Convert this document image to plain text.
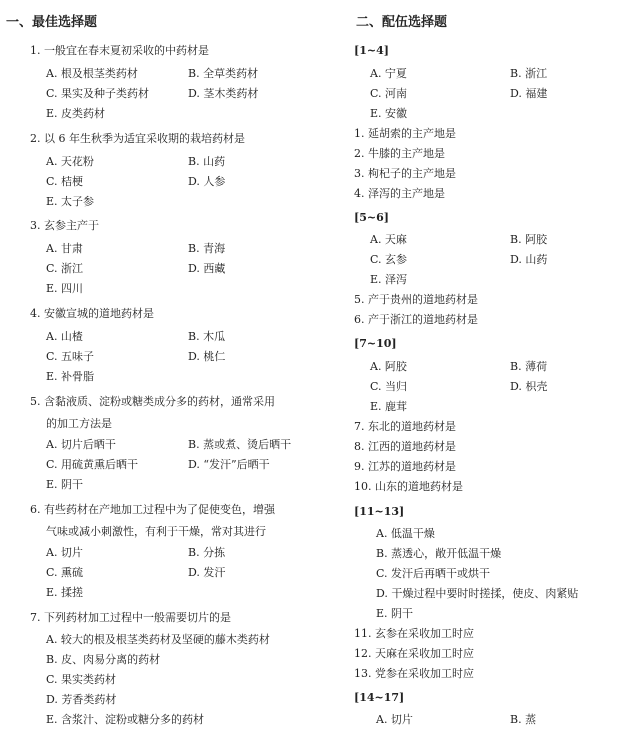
一、最佳选择题
1. 一般宜在春末夏初采收的中药材是
A. 根及根茎类药材	B. 全草类药材
C. 果实及种子类药材	D. 茎木类药材
E. 皮类药材
2. 以 6 年生秋季为适宜采收期的栽培药材是
A. 天花粉	B. 山药
C. 桔梗	D. 人参
E. 太子参
3. 玄参主产于
A. 甘肃	B. 青海
C. 浙江	D. 西藏
E. 四川
4. 安徽宣城的道地药材是
A. 山楂	B. 木瓜
C. 五味子	D. 桃仁
E. 补骨脂
5. 含黏液质、淀粉或糖类成分多的药材，通常采用
的加工方法是
A. 切片后晒干	B. 蒸或煮、烫后晒干
C. 用硫黄熏后晒干	D. “发汗”后晒干
E. 阴干
6. 有些药材在产地加工过程中为了促使变色，增强
气味或减小刺激性，有利于干燥，常对其进行
A. 切片	B. 分拣
C. 熏硫	D. 发汗
E. 揉搓
7. 下列药材加工过程中一般需要切片的是
A. 较大的根及根茎类药材及坚硬的藤木类药材
B. 皮、肉易分离的药材
C. 果实类药材
D. 芳香类药材
E. 含浆汁、淀粉或糖分多的药材
二、配伍选择题
[1~4]
A. 宁夏	B. 浙江
C. 河南	D. 福建
E. 安徽
1. 延胡索的主产地是
2. 牛膝的主产地是
3. 枸杞子的主产地是
4. 泽泻的主产地是
[5~6]
A. 天麻	B. 阿胶
C. 玄参	D. 山药
E. 泽泻
5. 产于贵州的道地药材是
6. 产于浙江的道地药材是
[7~10]
A. 阿胶	B. 薄荷
C. 当归	D. 枳壳
E. 鹿茸
7. 东北的道地药材是
8. 江西的道地药材是
9. 江苏的道地药材是
10. 山东的道地药材是
[11~13]
A. 低温干燥
B. 蒸透心，敞开低温干燥
C. 发汗后再晒干或烘干
D. 干燥过程中要时时搓揉，使皮、肉紧贴
E. 阴干
11. 玄参在采收加工时应
12. 天麻在采收加工时应
13. 党参在采收加工时应
[14~17]
A. 切片	B. 蒸
